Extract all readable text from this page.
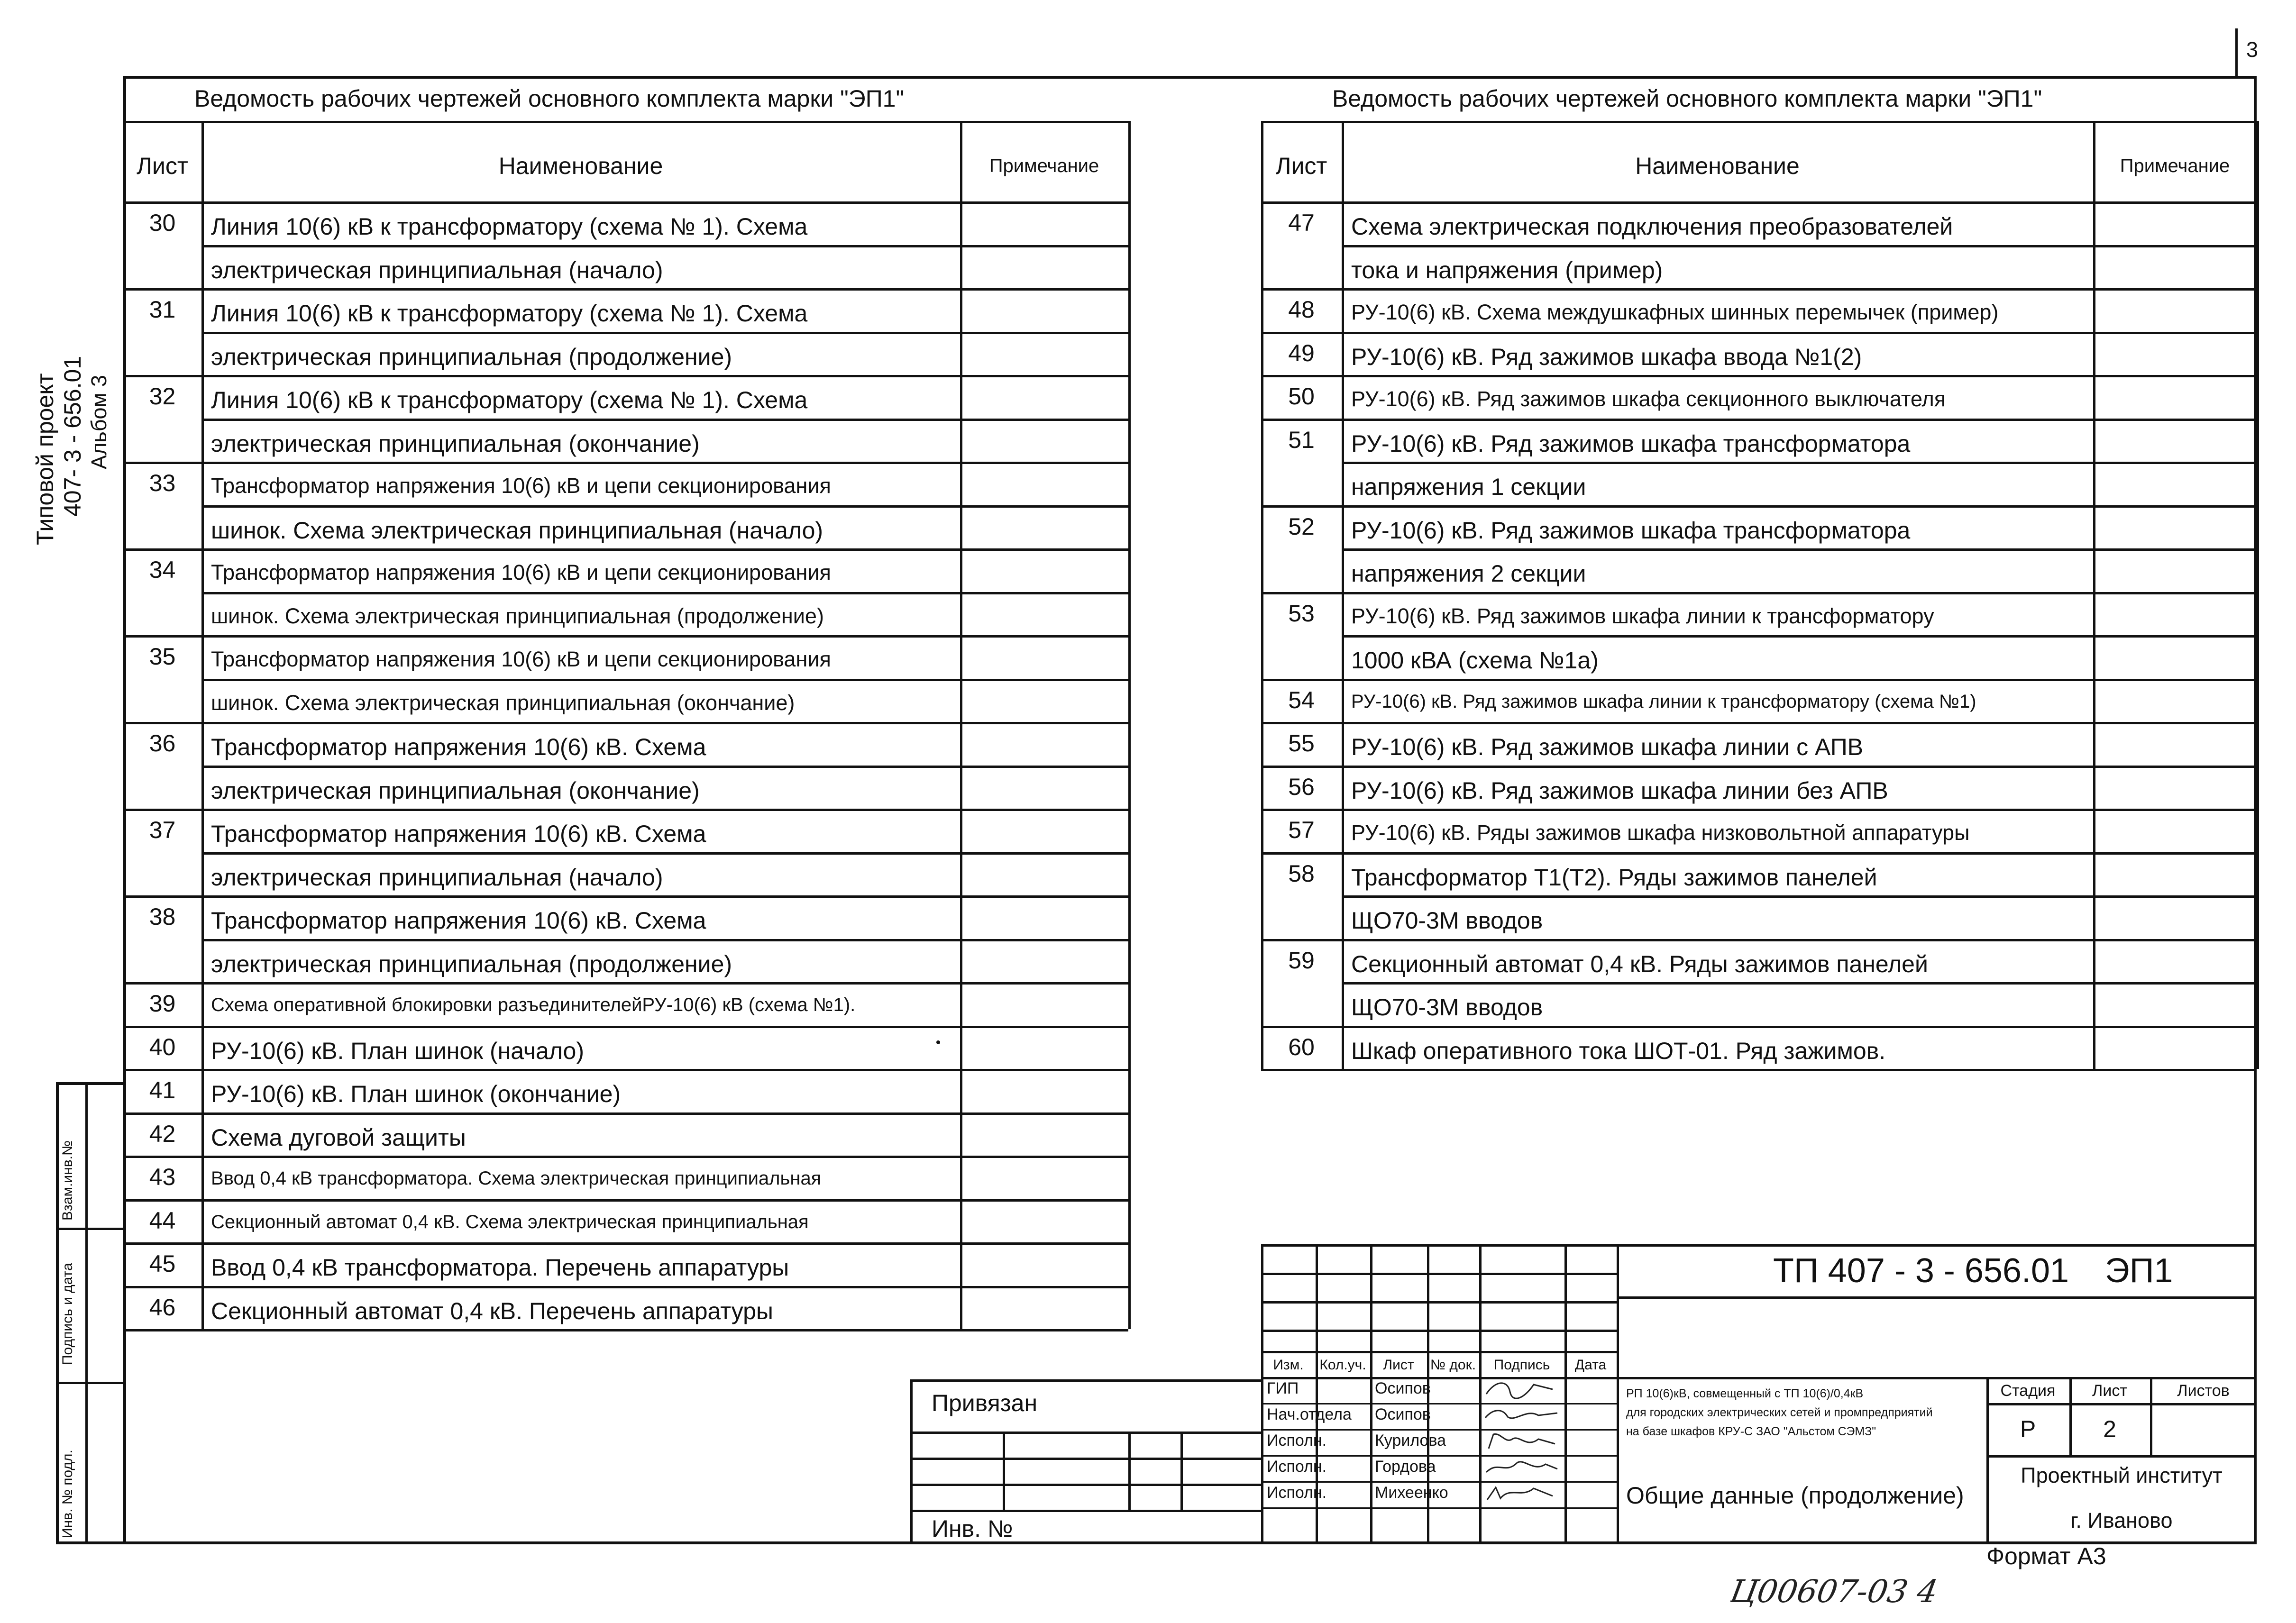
3
Типовой проект 407- 3 - 656.01 Альбом 3
Взам.инв.№
Подпись и дата
Инв. № подл.
Ведомость рабочих чертежей основного комплекта марки "ЭП1"
Лист	Наименование	Примечание
30	Линия 10(6) кВ к трансформатору (схема № 1). Схема
электрическая принципиальная (начало)
31	Линия 10(6) кВ к трансформатору (схема № 1). Схема
электрическая принципиальная (продолжение)
32	Линия 10(6) кВ к трансформатору (схема № 1). Схема
электрическая принципиальная (окончание)
33	Трансформатор напряжения 10(6) кВ и цепи секционирования
шинок. Схема электрическая принципиальная (начало)
34	Трансформатор напряжения 10(6) кВ и цепи секционирования
шинок. Схема электрическая принципиальная (продолжение)
35	Трансформатор напряжения 10(6) кВ и цепи секционирования
шинок. Схема электрическая принципиальная (окончание)
36	Трансформатор напряжения 10(6) кВ. Схема
электрическая принципиальная (окончание)
37	Трансформатор напряжения 10(6) кВ. Схема
электрическая принципиальная (начало)
38	Трансформатор напряжения 10(6) кВ. Схема
электрическая принципиальная (продолжение)
39	Схема оперативной блокировки разъединителейРУ-10(6) кВ (схема №1).
40	РУ-10(6) кВ. План шинок (начало)
41	РУ-10(6) кВ. План шинок (окончание)
42	Схема дуговой защиты
43	Ввод 0,4 кВ трансформатора. Схема электрическая принципиальная
44	Секционный автомат 0,4 кВ. Схема электрическая принципиальная
45	Ввод 0,4 кВ трансформатора. Перечень аппаратуры
46	Секционный автомат 0,4 кВ. Перечень аппаратуры
Ведомость рабочих чертежей основного комплекта марки "ЭП1"
Лист	Наименование	Примечание
47	Схема электрическая подключения преобразователей
тока и напряжения (пример)
48	РУ-10(6) кВ. Схема междушкафных шинных перемычек (пример)
49	РУ-10(6) кВ. Ряд зажимов шкафа ввода №1(2)
50	РУ-10(6) кВ. Ряд зажимов шкафа секционного выключателя
51	РУ-10(6) кВ. Ряд зажимов шкафа трансформатора
напряжения 1 секции
52	РУ-10(6) кВ. Ряд зажимов шкафа трансформатора
напряжения 2 секции
53	РУ-10(6) кВ. Ряд зажимов шкафа линии к трансформатору
1000 кВА (схема №1а)
54	РУ-10(6) кВ. Ряд зажимов шкафа линии к трансформатору (схема №1)
55	РУ-10(6) кВ. Ряд зажимов шкафа линии с АПВ
56	РУ-10(6) кВ. Ряд зажимов шкафа линии без АПВ
57	РУ-10(6) кВ. Ряды зажимов шкафа низковольтной аппаратуры
58	Трансформатор Т1(Т2). Ряды зажимов панелей
ЩО70-3М вводов
59	Секционный автомат 0,4 кВ. Ряды зажимов панелей
ЩО70-3М вводов
60	Шкаф оперативного тока ШОТ-01. Ряд зажимов.
Привязан
Инв. №
Изм.	Кол.уч.	Лист	№ док.	Подпись	Дата
ГИП	Осипов
Нач.отдела Осипов
Исполн.	Курилова
Исполн.	Гордова
Исполн.	Михеенко
ТП 407 - 3 - 656.01 ЭП1
РП 10(6)кВ, совмещенный с ТП 10(6)/0,4кВ
для городских электрических сетей и промпредприятий
на базе шкафов КРУ-С ЗАО "Альстом СЭМЗ"
Общие данные (продолжение)
Стадия	Лист	Листов
Р	2
Проектный институт
г. Иваново
Формат А3
Ц00607-03 4
